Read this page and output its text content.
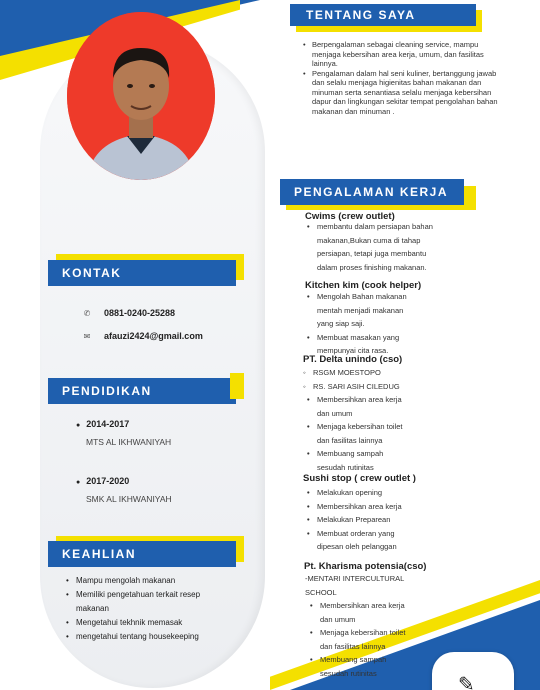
TENTANG SAYA
• Berpengalaman sebagai cleaning service, mampu menjaga kebersihan area kerja, umum, dan fasilitas lainnya.
• Pengalaman dalam hal seni kuliner, bertanggung jawab dan selalu menjaga higienitas bahan makanan dan minuman serta senantiasa selalu menjaga kebersihan dapur dan lingkungan sekitar tempat pengolahan bahan makanan dan minuman .
PENGALAMAN KERJA
Cwims (crew outlet)
• membantu dalam persiapan bahan
makanan,Bukan cuma di tahap
persiapan, tetapi juga membantu
dalam proses finishing makanan.
Kitchen kim (cook helper)
• Mengolah Bahan makanan
mentah menjadi makanan
yang siap saji.
• Membuat masakan yang
mempunyai cita rasa.
PT. Delta unindo (cso)
◦ RSGM MOESTOPO
◦ RS. SARI ASIH CILEDUG
• Membersihkan area kerja
dan umum
• Menjaga kebersihan toilet
dan fasilitas lainnya
• Membuang sampah
sesudah rutinitas
Sushi stop ( crew outlet )
• Melakukan opening
• Membersihkan area kerja
• Melakukan Preparean
• Membuat orderan yang
dipesan oleh pelanggan
Pt. Kharisma potensia(cso)
-MENTARI INTERCULTURAL
SCHOOL
• Membersihkan area kerja
dan umum
• Menjaga kebersihan toilet
dan fasilitas lainnya
• Membuang sampah
sesudah rutinitas
KONTAK
✆	0881-0240-25288
✉	afauzi2424@gmail.com
PENDIDIKAN
● 2014-2017
MTS AL IKHWANIYAH
● 2017-2020
SMK AL IKHWANIYAH
KEAHLIAN
• Mampu mengolah makanan
• Memiliki pengetahuan terkait resep makanan
• Mengetahui tekhnik memasak
• mengetahui tentang housekeeping
✎
